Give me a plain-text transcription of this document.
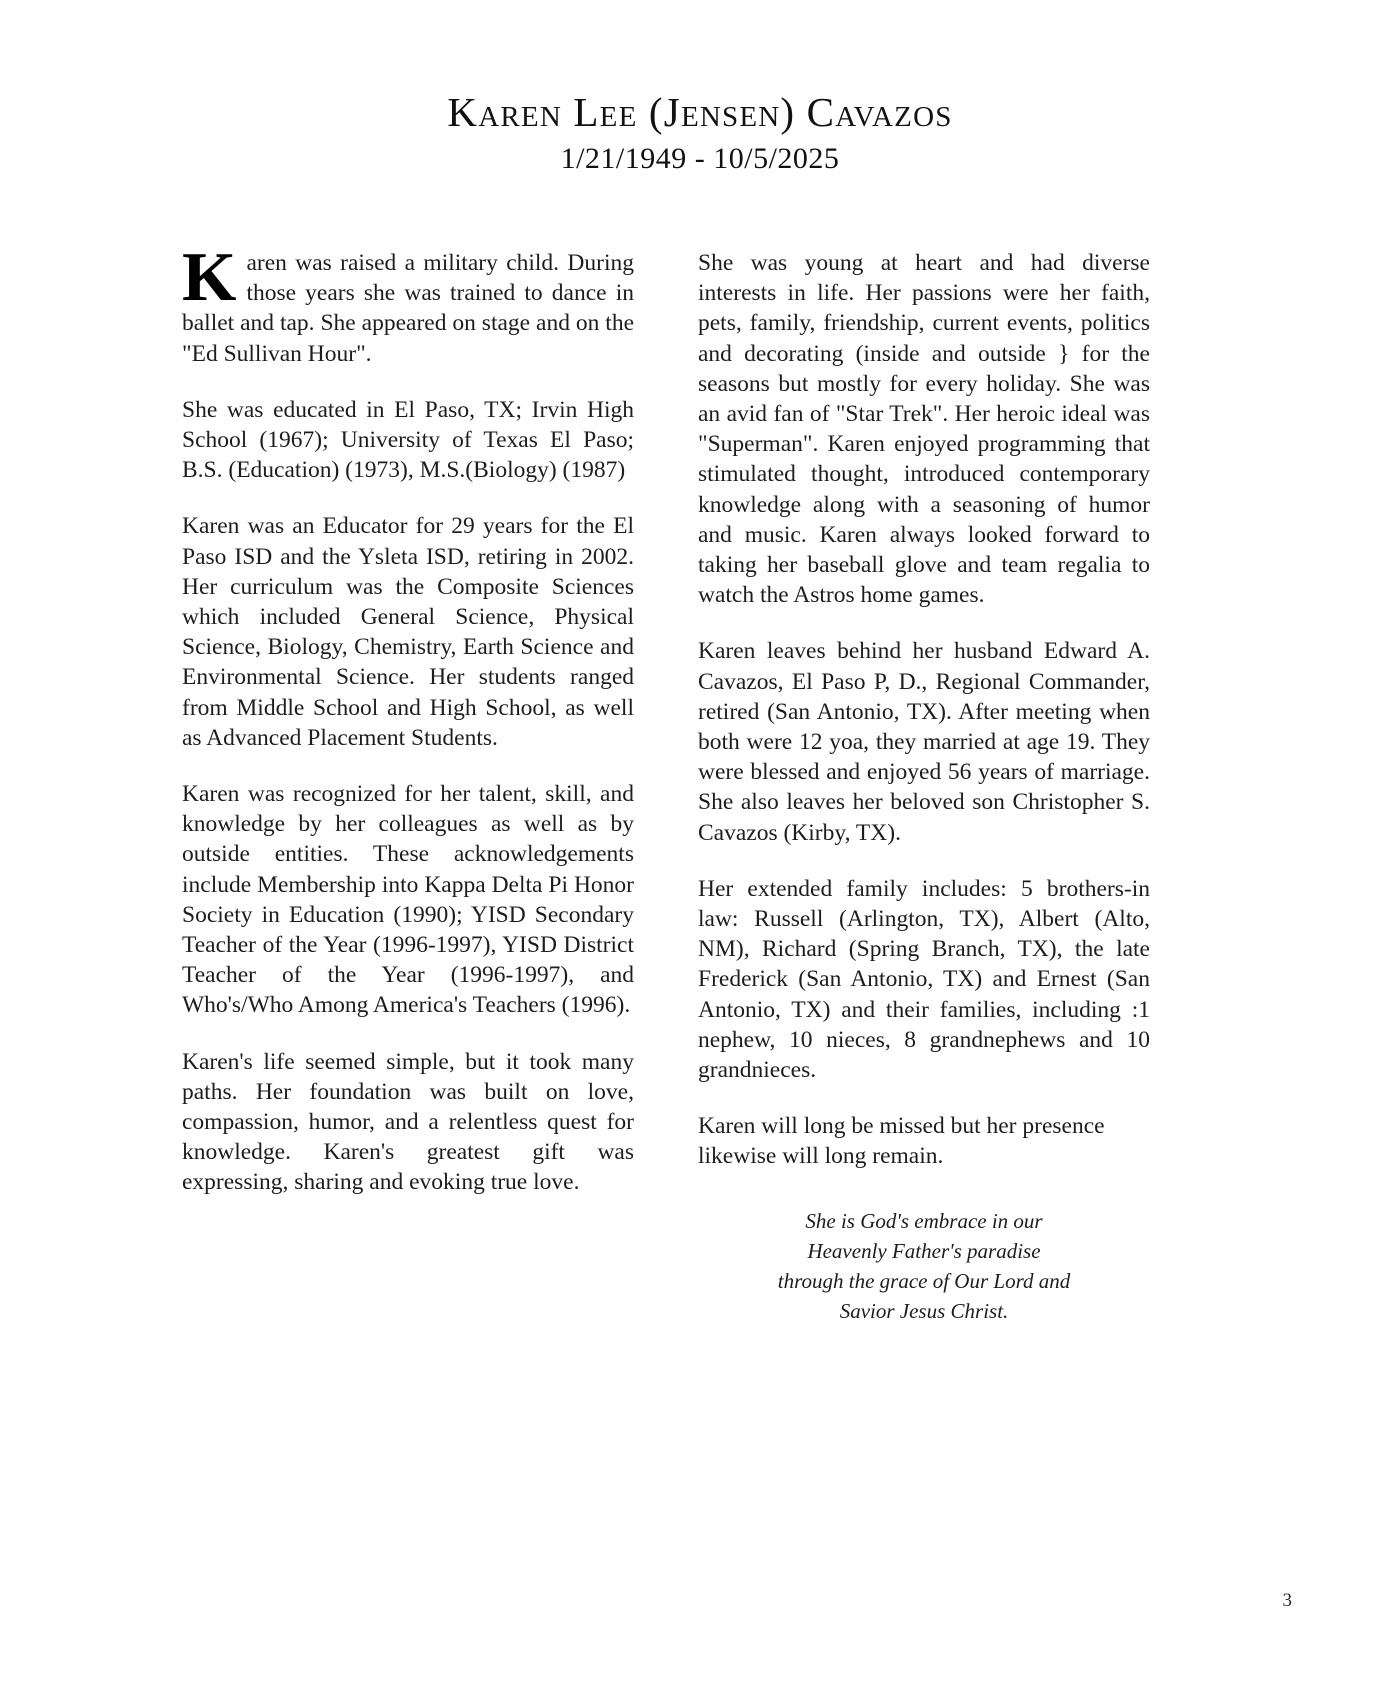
Karen Lee (Jensen) Cavazos
1/21/1949 - 10/5/2025

Karen was raised a military child. During those years she was trained to dance in ballet and tap. She appeared on stage and on the "Ed Sullivan Hour".

She was educated in El Paso, TX; Irvin High School (1967); University of Texas El Paso; B.S. (Education) (1973), M.S.(Biology) (1987)

Karen was an Educator for 29 years for the El Paso ISD and the Ysleta ISD, retiring in 2002. Her curriculum was the Composite Sciences which included General Science, Physical Science, Biology, Chemistry, Earth Science and Environmental Science. Her students ranged from Middle School and High School, as well as Advanced Placement Students.

Karen was recognized for her talent, skill, and knowledge by her colleagues as well as by outside entities. These acknowledgements include Membership into Kappa Delta Pi Honor Society in Education (1990); YISD Secondary Teacher of the Year (1996-1997), YISD District Teacher of the Year (1996-1997), and Who's/Who Among America's Teachers (1996).

Karen's life seemed simple, but it took many paths. Her foundation was built on love, compassion, humor, and a relentless quest for knowledge. Karen's greatest gift was expressing, sharing and evoking true love.

She was young at heart and had diverse interests in life. Her passions were her faith, pets, family, friendship, current events, politics and decorating (inside and outside } for the seasons but mostly for every holiday. She was an avid fan of "Star Trek". Her heroic ideal was "Superman". Karen enjoyed programming that stimulated thought, introduced contemporary knowledge along with a seasoning of humor and music. Karen always looked forward to taking her baseball glove and team regalia to watch the Astros home games.

Karen leaves behind her husband Edward A. Cavazos, El Paso P, D., Regional Commander, retired (San Antonio, TX). After meeting when both were 12 yoa, they married at age 19. They were blessed and enjoyed 56 years of marriage. She also leaves her beloved son Christopher S. Cavazos (Kirby, TX).

Her extended family includes: 5 brothers-in law: Russell (Arlington, TX), Albert (Alto, NM), Richard (Spring Branch, TX), the late Frederick (San Antonio, TX) and Ernest (San Antonio, TX) and their families, including :1 nephew, 10 nieces, 8 grandnephews and 10 grandnieces.

Karen will long be missed but her presence likewise will long remain.

She is God's embrace in our
Heavenly Father's paradise
through the grace of Our Lord and
Savior Jesus Christ.
3
